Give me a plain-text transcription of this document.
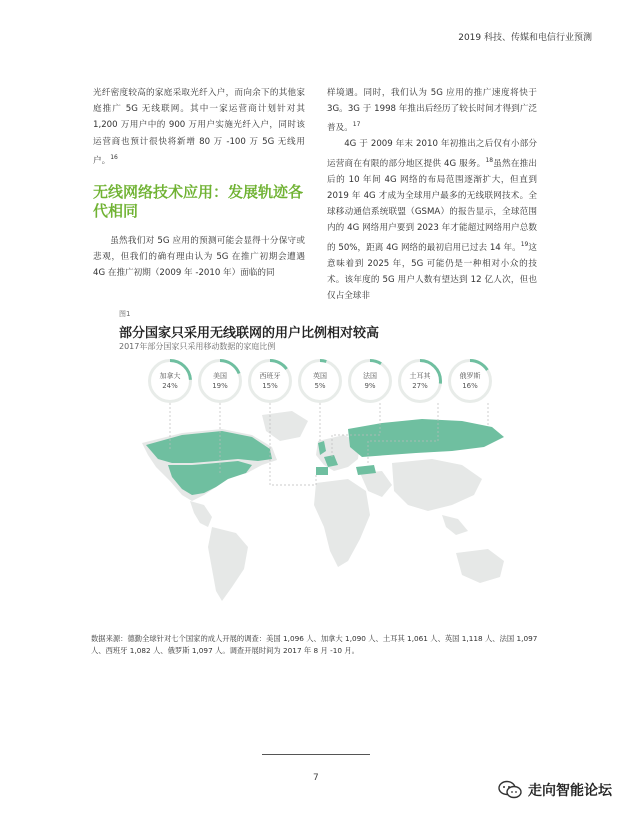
2019 科技、传媒和电信行业预测

光纤密度较高的家庭采取光纤入户，而向余下的其他家庭推广 5G 无线联网。其中一家运营商计划针对其 1,200 万用户中的 900 万用户实施光纤入户，同时该运营商也预计很快将新增 80 万 -100 万 5G 无线用户。$^{16}$

无线网络技术应用：发展轨迹各代相同

虽然我们对 5G 应用的预测可能会显得十分保守或悲观，但我们的确有理由认为 5G 在推广初期会遭遇 4G 在推广初期（2009 年 -2010 年）面临的同

样境遇。同时，我们认为 5G 应用的推广速度将快于 3G。3G 于 1998 年推出后经历了较长时间才得到广泛普及。$^{17}$

4G 于 2009 年末 2010 年初推出之后仅有小部分运营商在有限的部分地区提供 4G 服务。$^{18}$虽然在推出后的 10 年间 4G 网络的布局范围逐渐扩大，但直到 2019 年 4G 才成为全球用户最多的无线联网技术。全球移动通信系统联盟（GSMA）的报告显示，全球范围内的 4G 网络用户要到 2023 年才能超过网络用户总数的 50%，距离 4G 网络的最初启用已过去 14 年。$^{19}$这意味着到 2025 年，5G 可能仍是一种相对小众的技术。该年度的 5G 用户人数有望达到 12 亿人次，但也仅占全球非

图1
部分国家只采用无线联网的用户比例相对较高
2017年部分国家只采用移动数据的家庭比例
加拿大
24%
美国
19%
西班牙
15%
英国
5%
法国
9%
土耳其
27%
俄罗斯
16%
数据来源：德勤全球针对七个国家的成人开展的调查：美国 1,096 人、加拿大 1,090 人、土耳其 1,061 人、英国 1,118 人、法国 1,097 人、西班牙 1,082 人、俄罗斯 1,097 人。调查开展时间为 2017 年 8 月 -10 月。
7
走向智能论坛
